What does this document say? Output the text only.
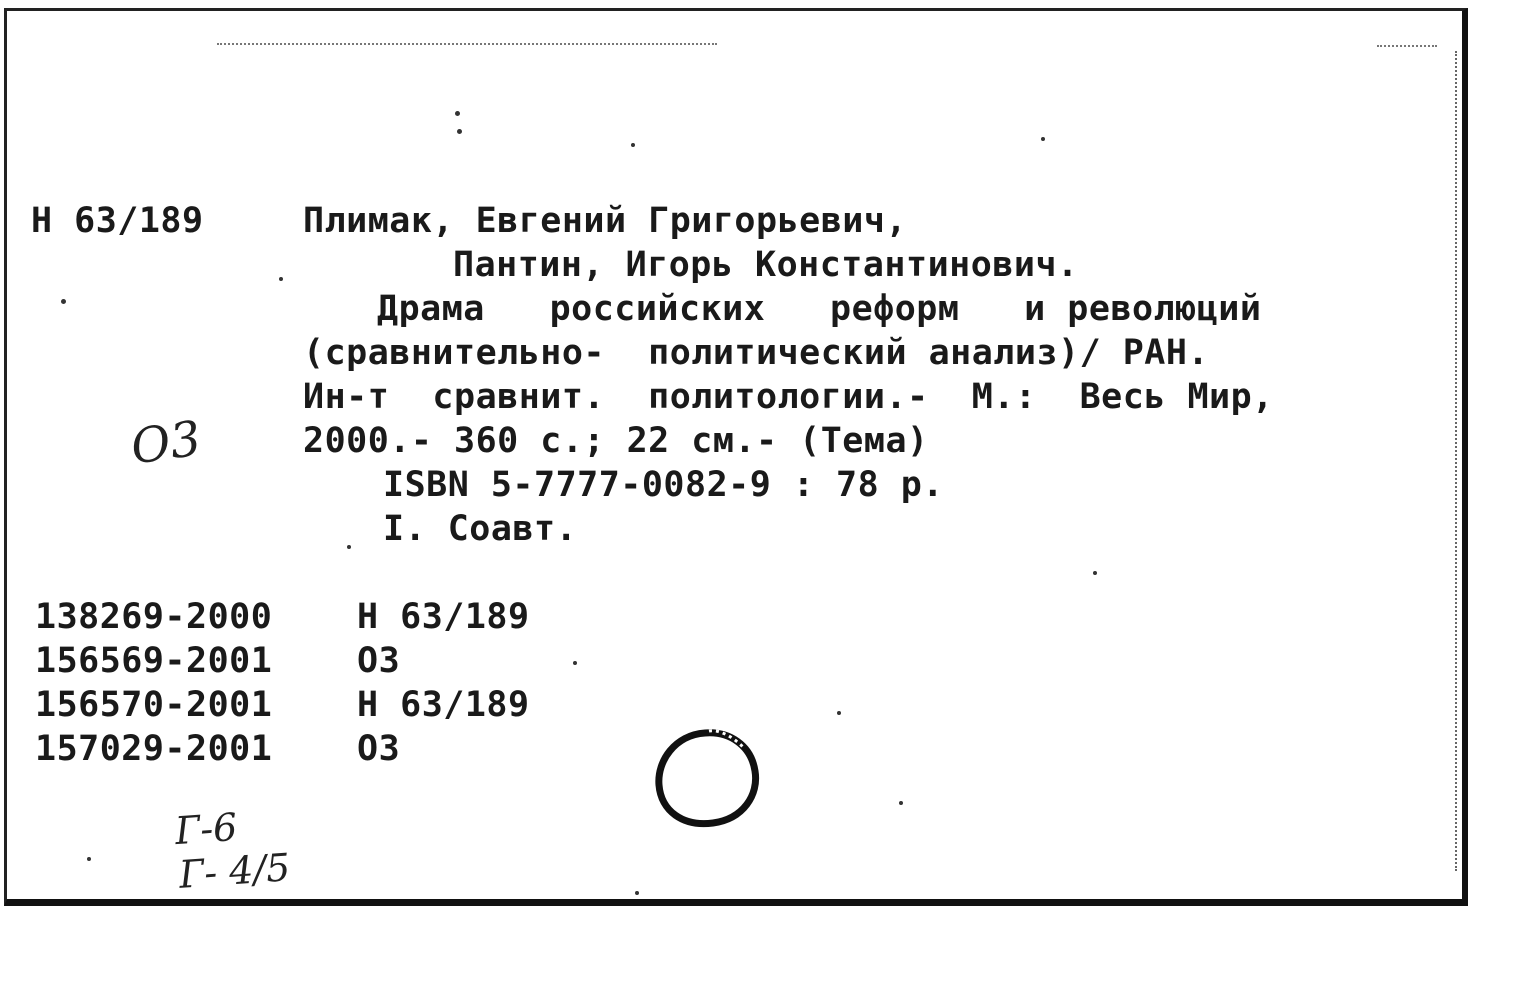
Н 63/189	Плимак, Евгений Григорьевич,
Пантин, Игорь Константинович.
Драма   российских   реформ   и революций
(сравнительно-  политический анализ)/ РАН.
Ин-т  сравнит.  политологии.-  М.:  Весь Мир,
2000.- 360 с.; 22 см.- (Тема)
ISBN 5-7777-0082-9 : 78 р.
I. Соавт.
138269-2000 Н 63/189
156569-2001 О3
156570-2001 Н 63/189
157029-2001 О3
О3
Г-6
Г- 4/5
